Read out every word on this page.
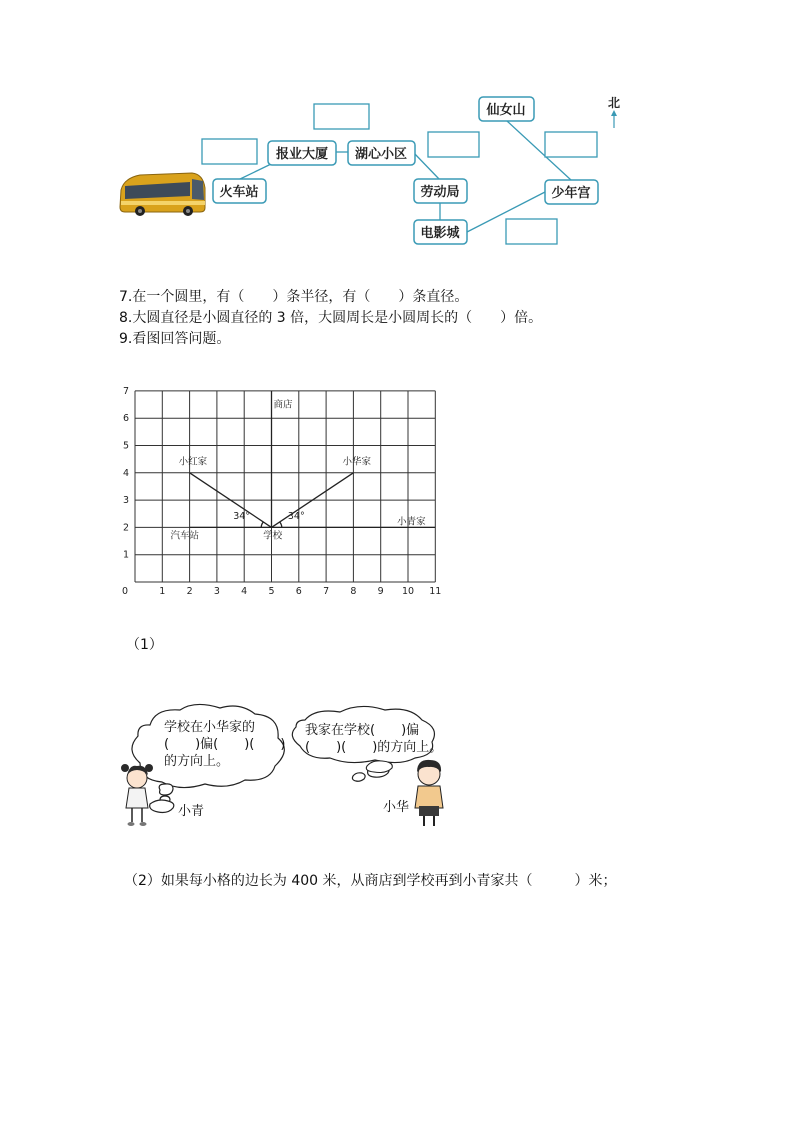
报业大厦 湖心小区
火车站	劳动局
电影城
少年宫
仙女山	北
7.在一个圆里，有（　　）条半径，有（　　）条直径。
8.大圆直径是小圆直径的 3 倍，大圆周长是小圆周长的（　　）倍。
9.看图回答问题。
0	1 2 3 4 5 6 7 8 9 10 11
1
2
3
4
5
6
7
商店
小红家	小华家
小青家
汽车站	学校
34°	34°
（1）
学校在小华家的
(　　)偏(　　)(　　)
的方向上。
我家在学校(　　)偏
(　　)(　　)的方向上。
小青	小华
（2）如果每小格的边长为 400 米，从商店到学校再到小青家共（　　　）米；
